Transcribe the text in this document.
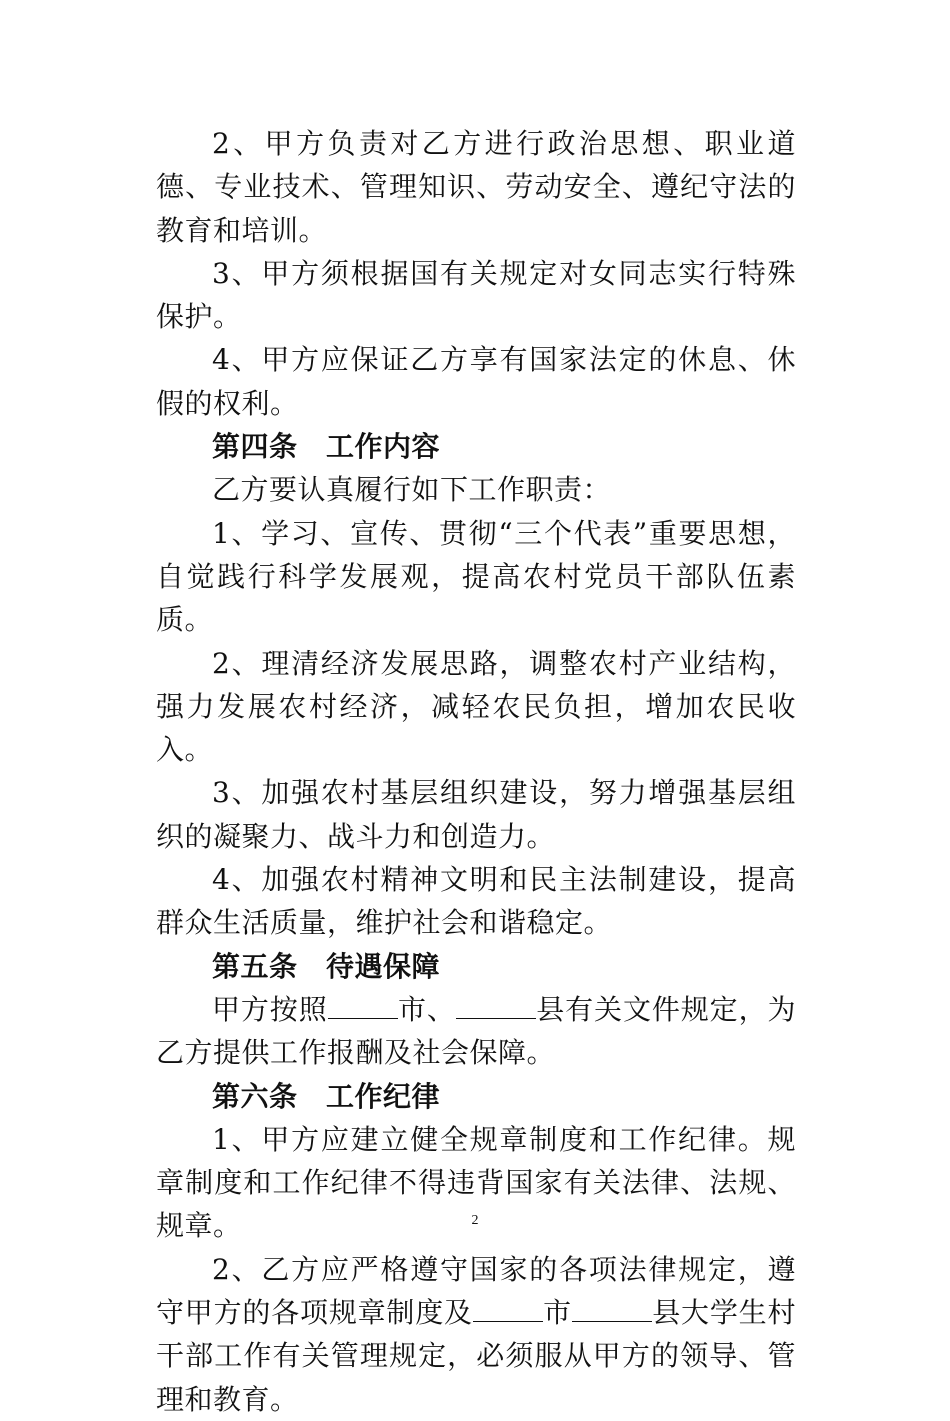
2、甲方负责对乙方进行政治思想、职业道德、专业技术、管理知识、劳动安全、遵纪守法的教育和培训。

3、甲方须根据国有关规定对女同志实行特殊保护。

4、甲方应保证乙方享有国家法定的休息、休假的权利。

第四条　工作内容

乙方要认真履行如下工作职责：

1、学习、宣传、贯彻“三个代表”重要思想，自觉践行科学发展观，提高农村党员干部队伍素质。

2、理清经济发展思路，调整农村产业结构，强力发展农村经济，减轻农民负担，增加农民收入。

3、加强农村基层组织建设，努力增强基层组织的凝聚力、战斗力和创造力。

4、加强农村精神文明和民主法制建设，提高群众生活质量，维护社会和谐稳定。

第五条　待遇保障

甲方按照	市、	县有关文件规定，为乙方提供工作报酬及社会保障。

第六条　工作纪律

1、甲方应建立健全规章制度和工作纪律。规章制度和工作纪律不得违背国家有关法律、法规、规章。

2、乙方应严格遵守国家的各项法律规定，遵守甲方的各项规章制度及	市	县大学生村干部工作有关管理规定，必须服从甲方的领导、管理和教育。

2
